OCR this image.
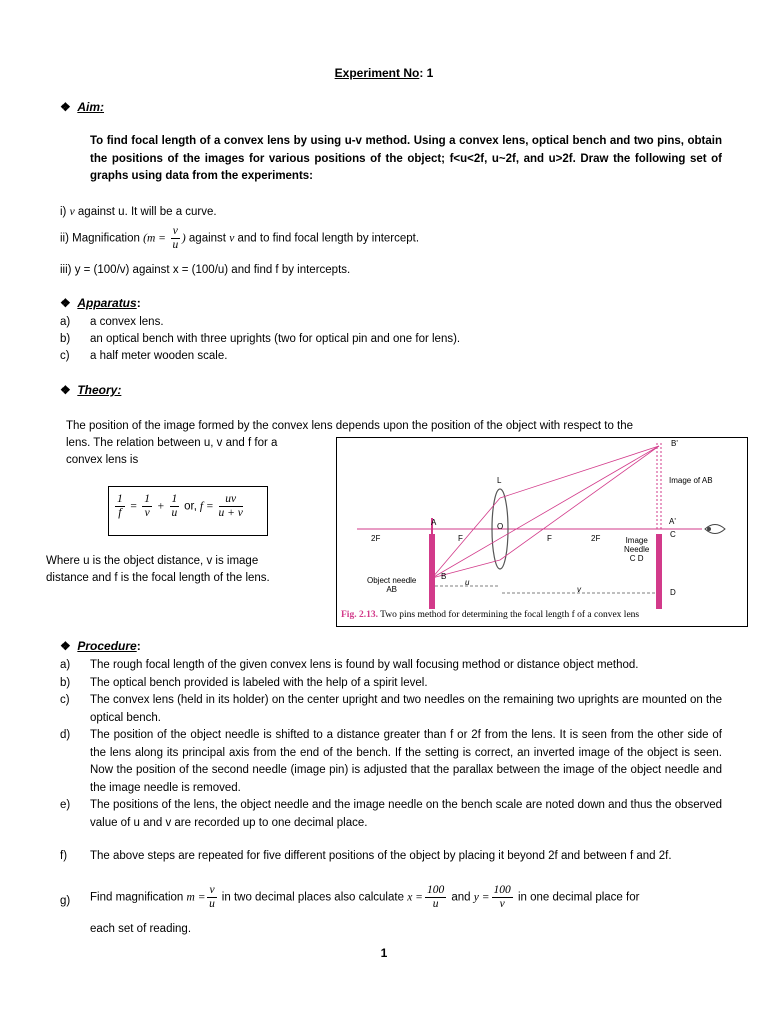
Experiment No: 1
❖ Aim:
To find focal length of a convex lens by using u-v method. Using a convex lens, optical bench and two pins, obtain the positions of the images for various positions of the object; f<u<2f, u~2f, and u>2f. Draw the following set of graphs using data from the experiments:
i) v against u. It will be a curve.
ii) Magnification ($m = \frac{v}{u}$ ) against v and to find focal length by intercept.
iii) y = (100/v) against x = (100/u) and find f by intercepts.
❖ Apparatus:
a) a convex lens.
b) an optical bench with three uprights (two for optical pin and one for lens).
c) a half meter wooden scale.
❖ Theory:
The position of the image formed by the convex lens depends upon the position of the object with respect to the
lens. The relation between u, v and f for a
convex lens is
$\frac{1}{f} = \frac{1}{v} + \frac{1}{u}$ or, $f = \frac{uv}{u + v}$
Where u is the object distance, v is image
distance and f is the focal length of the lens.
B'
Image of AB
L
A	O
A'
C
2F	F	F	2F	Image
Needle
C D
Object needle
AB
B
D
u
v
Fig. 2.13. Two pins method for determining the focal length f of a convex lens
❖ Procedure:
a) The rough focal length of the given convex lens is found by wall focusing method or distance object method.
b) The optical bench provided is labeled with the help of a spirit level.
c) The convex lens (held in its holder) on the center upright and two needles on the remaining two uprights are mounted on the optical bench.
d) The position of the object needle is shifted to a distance greater than f or 2f from the lens. It is seen from the other side of the lens along its principal axis from the end of the bench. If the setting is correct, an inverted image of the object is seen. Now the position of the second needle (image pin) is adjusted that the parallax between the image of the object needle and the image needle is removed.
e) The positions of the lens, the object needle and the image needle on the bench scale are noted down and thus the observed value of u and v are recorded up to one decimal place.
f) The above steps are repeated for five different positions of the object by placing it beyond 2f and between f and 2f.
g) Find magnification $m = \frac{v}{u}$ in two decimal places also calculate $x = \frac{100}{u}$ and $y = \frac{100}{v}$ in one decimal place for
each set of reading.
1
